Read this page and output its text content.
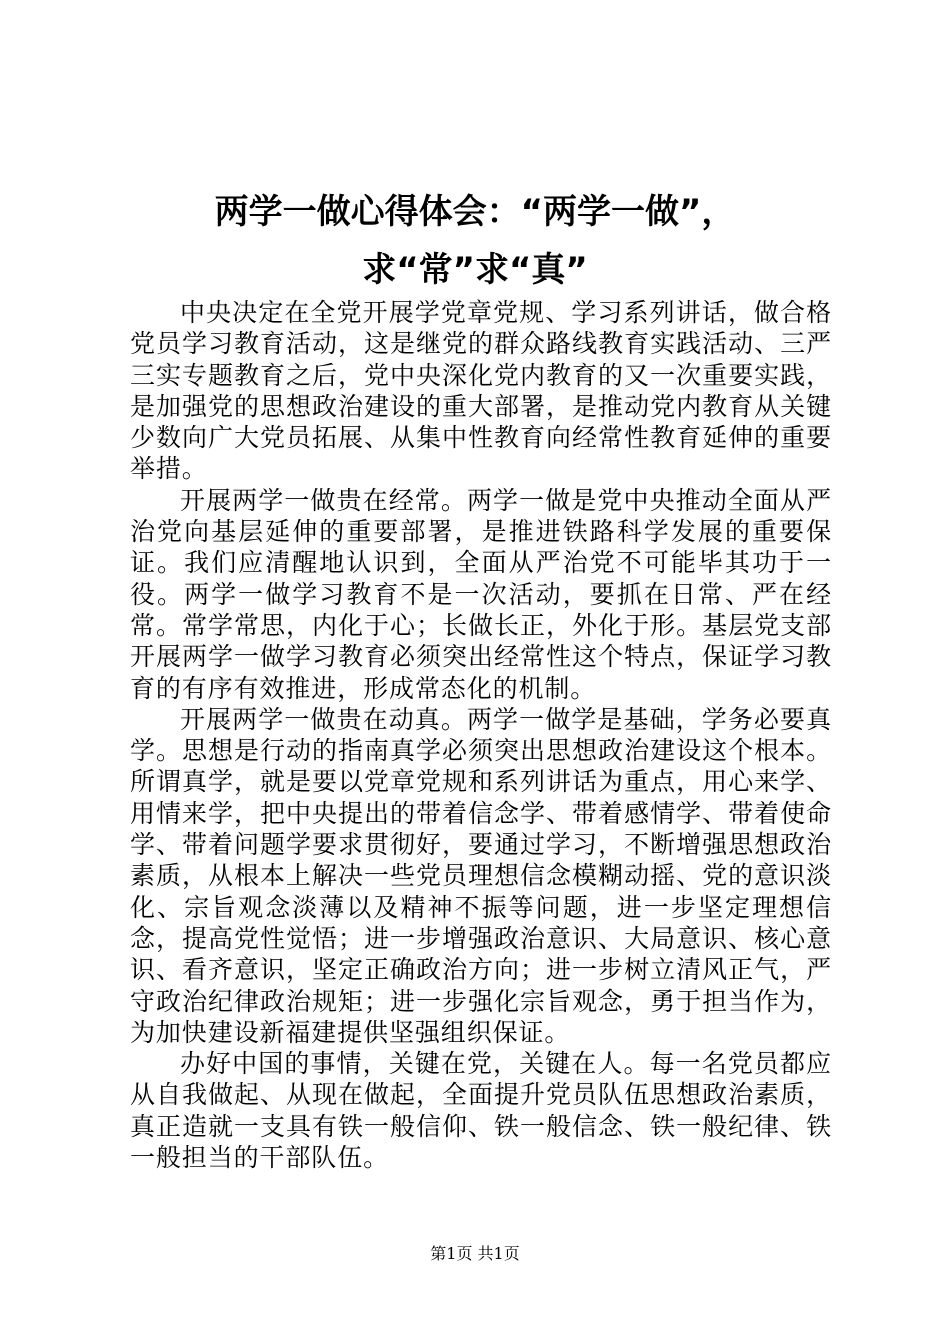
两学一做心得体会：“两学一做”，求“常”求“真”

中央决定在全党开展学党章党规、学习系列讲话，做合格党员学习教育活动，这是继党的群众路线教育实践活动、三严三实专题教育之后，党中央深化党内教育的又一次重要实践，是加强党的思想政治建设的重大部署，是推动党内教育从关键少数向广大党员拓展、从集中性教育向经常性教育延伸的重要举措。

开展两学一做贵在经常。两学一做是党中央推动全面从严治党向基层延伸的重要部署，是推进铁路科学发展的重要保证。我们应清醒地认识到，全面从严治党不可能毕其功于一役。两学一做学习教育不是一次活动，要抓在日常、严在经常。常学常思，内化于心；长做长正，外化于形。基层党支部开展两学一做学习教育必须突出经常性这个特点，保证学习教育的有序有效推进，形成常态化的机制。

开展两学一做贵在动真。两学一做学是基础，学务必要真学。思想是行动的指南真学必须突出思想政治建设这个根本。所谓真学，就是要以党章党规和系列讲话为重点，用心来学、用情来学，把中央提出的带着信念学、带着感情学、带着使命学、带着问题学要求贯彻好，要通过学习，不断增强思想政治素质，从根本上解决一些党员理想信念模糊动摇、党的意识淡化、宗旨观念淡薄以及精神不振等问题，进一步坚定理想信念，提高党性觉悟；进一步增强政治意识、大局意识、核心意识、看齐意识，坚定正确政治方向；进一步树立清风正气，严守政治纪律政治规矩；进一步强化宗旨观念，勇于担当作为，为加快建设新福建提供坚强组织保证。

办好中国的事情，关键在党，关键在人。每一名党员都应从自我做起、从现在做起，全面提升党员队伍思想政治素质，真正造就一支具有铁一般信仰、铁一般信念、铁一般纪律、铁一般担当的干部队伍。

第1页 共1页
